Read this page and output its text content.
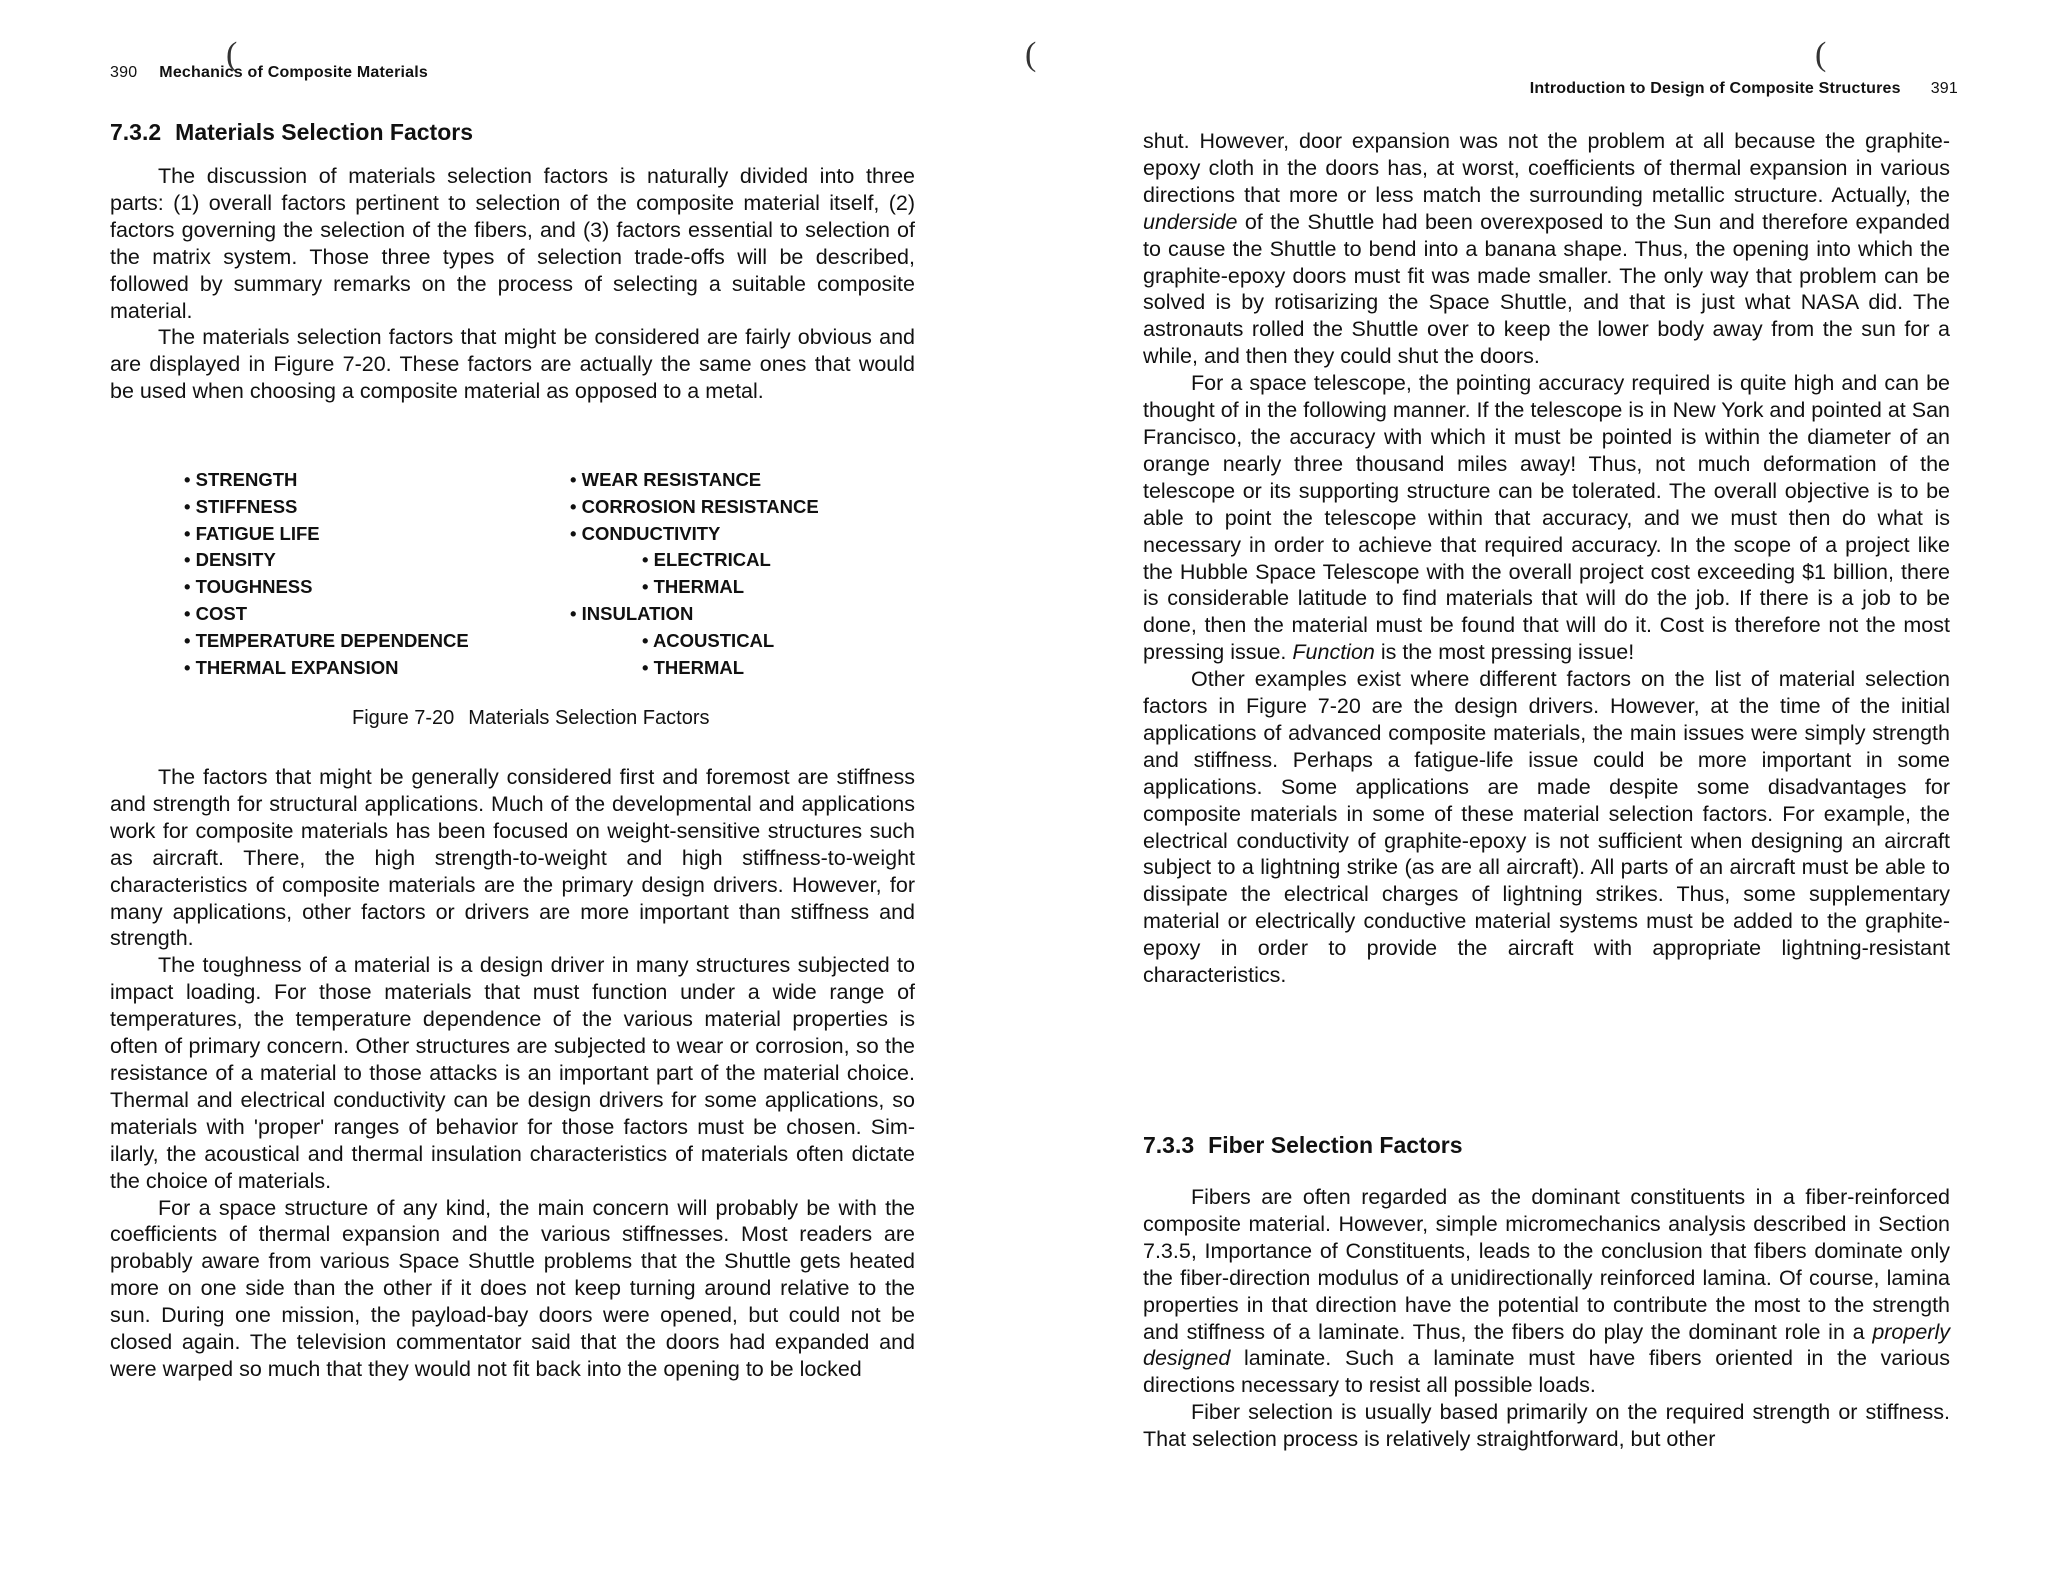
(	(	(
390 Mechanics of Composite Materials
7.3.2 Materials Selection Factors

The discussion of materials selection factors is naturally divided into three parts: (1) overall factors pertinent to selection of the composite material itself, (2) factors governing the selection of the fibers, and (3) factors essential to selection of the matrix system. Those three types of selection trade-offs will be described, followed by summary remarks on the process of selecting a suitable composite material.

The materials selection factors that might be considered are fairly obvious and are displayed in Figure 7-20. These factors are actually the same ones that would be used when choosing a composite material as opposed to a metal.

• STRENGTH
• STIFFNESS
• FATIGUE LIFE
• DENSITY
• TOUGHNESS
• COST
• TEMPERATURE DEPENDENCE
• THERMAL EXPANSION
• WEAR RESISTANCE
• CORROSION RESISTANCE
• CONDUCTIVITY
• ELECTRICAL
• THERMAL
• INSULATION
• ACOUSTICAL
• THERMAL
Figure 7-20 Materials Selection Factors

The factors that might be generally considered first and foremost are stiffness and strength for structural applications. Much of the developmental and applications work for composite materials has been focused on weight-sensitive structures such as aircraft. There, the high strength-to-weight and high stiffness-to-weight characteristics of composite materials are the primary design drivers. However, for many applications, other factors or drivers are more important than stiffness and strength.

The toughness of a material is a design driver in many structures subjected to impact loading. For those materials that must function under a wide range of temperatures, the temperature dependence of the various material properties is often of primary concern. Other structures are subjected to wear or corrosion, so the resistance of a material to those attacks is an important part of the material choice. Thermal and electrical conductivity can be design drivers for some applications, so materials with 'proper' ranges of behavior for those factors must be chosen. Similarly, the acoustical and thermal insulation characteristics of materials often dictate the choice of materials.

For a space structure of any kind, the main concern will probably be with the coefficients of thermal expansion and the various stiffnesses. Most readers are probably aware from various Space Shuttle problems that the Shuttle gets heated more on one side than the other if it does not keep turning around relative to the sun. During one mission, the payload-bay doors were opened, but could not be closed again. The television commentator said that the doors had expanded and were warped so much that they would not fit back into the opening to be locked

Introduction to Design of Composite Structures 391

shut. However, door expansion was not the problem at all because the graphite-epoxy cloth in the doors has, at worst, coefficients of thermal expansion in various directions that more or less match the surrounding metallic structure. Actually, the underside of the Shuttle had been overexposed to the Sun and therefore expanded to cause the Shuttle to bend into a banana shape. Thus, the opening into which the graphite-epoxy doors must fit was made smaller. The only way that problem can be solved is by rotisarizing the Space Shuttle, and that is just what NASA did. The astronauts rolled the Shuttle over to keep the lower body away from the sun for a while, and then they could shut the doors.

For a space telescope, the pointing accuracy required is quite high and can be thought of in the following manner. If the telescope is in New York and pointed at San Francisco, the accuracy with which it must be pointed is within the diameter of an orange nearly three thousand miles away! Thus, not much deformation of the telescope or its supporting structure can be tolerated. The overall objective is to be able to point the telescope within that accuracy, and we must then do what is necessary in order to achieve that required accuracy. In the scope of a project like the Hubble Space Telescope with the overall project cost exceeding $1 billion, there is considerable latitude to find materials that will do the job. If there is a job to be done, then the material must be found that will do it. Cost is therefore not the most pressing issue. Function is the most pressing issue!

Other examples exist where different factors on the list of material selection factors in Figure 7-20 are the design drivers. However, at the time of the initial applications of advanced composite materials, the main issues were simply strength and stiffness. Perhaps a fatigue-life issue could be more important in some applications. Some applications are made despite some disadvantages for composite materials in some of these material selection factors. For example, the electrical conductivity of graphite-epoxy is not sufficient when designing an aircraft subject to a lightning strike (as are all aircraft). All parts of an aircraft must be able to dissipate the electrical charges of lightning strikes. Thus, some supplementary material or electrically conductive material systems must be added to the graphite-epoxy in order to provide the aircraft with appropriate lightning-resistant characteristics.

7.3.3 Fiber Selection Factors

Fibers are often regarded as the dominant constituents in a fiber-reinforced composite material. However, simple micromechanics analysis described in Section 7.3.5, Importance of Constituents, leads to the conclusion that fibers dominate only the fiber-direction modulus of a unidirectionally reinforced lamina. Of course, lamina properties in that direction have the potential to contribute the most to the strength and stiffness of a laminate. Thus, the fibers do play the dominant role in a properly designed laminate. Such a laminate must have fibers oriented in the various directions necessary to resist all possible loads.

Fiber selection is usually based primarily on the required strength or stiffness. That selection process is relatively straightforward, but other
